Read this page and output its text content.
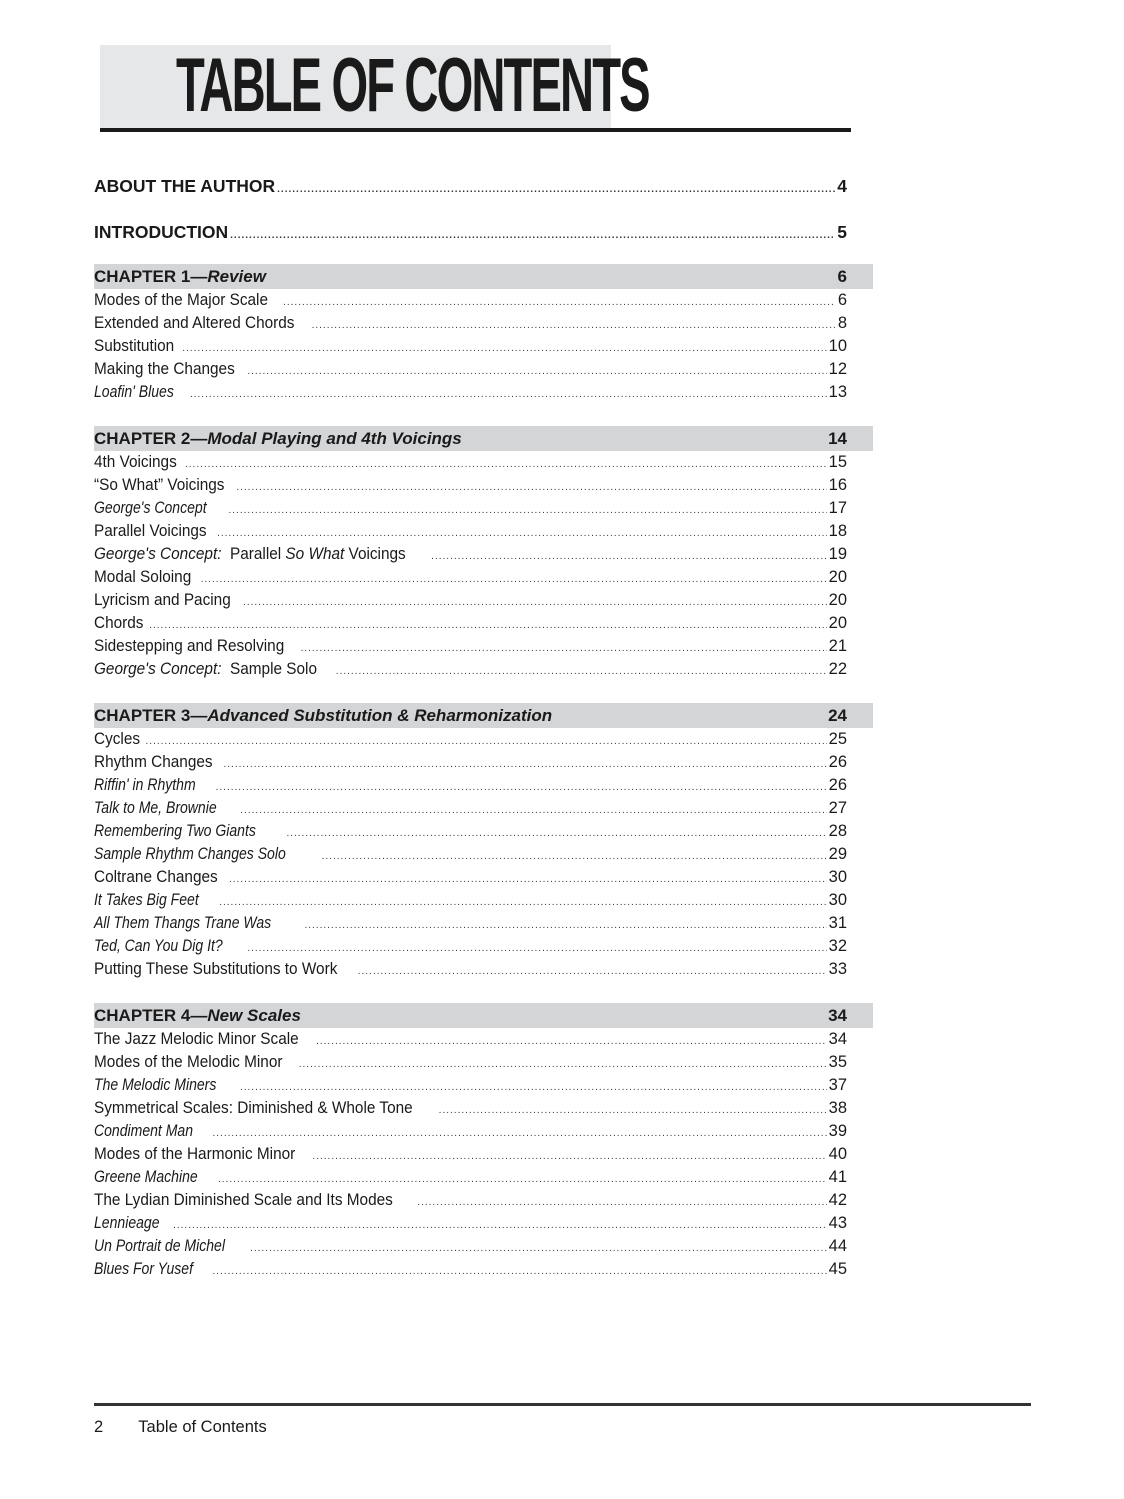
TABLE OF CONTENTS
ABOUT THE AUTHOR .....	4
INTRODUCTION .....	5
CHAPTER 1—Review	6
Modes of the Major Scale .....	6
Extended and Altered Chords .....	8
Substitution .....	10
Making the Changes .....	12
Loafin' Blues .....	13
CHAPTER 2—Modal Playing and 4th Voicings	14
4th Voicings .....	15
“So What” Voicings .....	16
George's Concept .....	17
Parallel Voicings .....	18
George's Concept:  Parallel So What Voicings .....	19
Modal Soloing .....	20
Lyricism and Pacing .....	20
Chords .....	20
Sidestepping and Resolving .....	21
George's Concept:  Sample Solo .....	22
CHAPTER 3—Advanced Substitution & Reharmonization	24
Cycles .....	25
Rhythm Changes .....	26
Riffin' in Rhythm .....	26
Talk to Me, Brownie .....	27
Remembering Two Giants .....	28
Sample Rhythm Changes Solo .....	29
Coltrane Changes .....	30
It Takes Big Feet .....	30
All Them Thangs Trane Was .....	31
Ted, Can You Dig It? .....	32
Putting These Substitutions to Work .....	33
CHAPTER 4—New Scales	34
The Jazz Melodic Minor Scale .....	34
Modes of the Melodic Minor .....	35
The Melodic Miners .....	37
Symmetrical Scales: Diminished & Whole Tone .....	38
Condiment Man .....	39
Modes of the Harmonic Minor .....	40
Greene Machine .....	41
The Lydian Diminished Scale and Its Modes .....	42
Lennieage .....	43
Un Portrait de Michel .....	44
Blues For Yusef .....	45
2 Table of Contents
